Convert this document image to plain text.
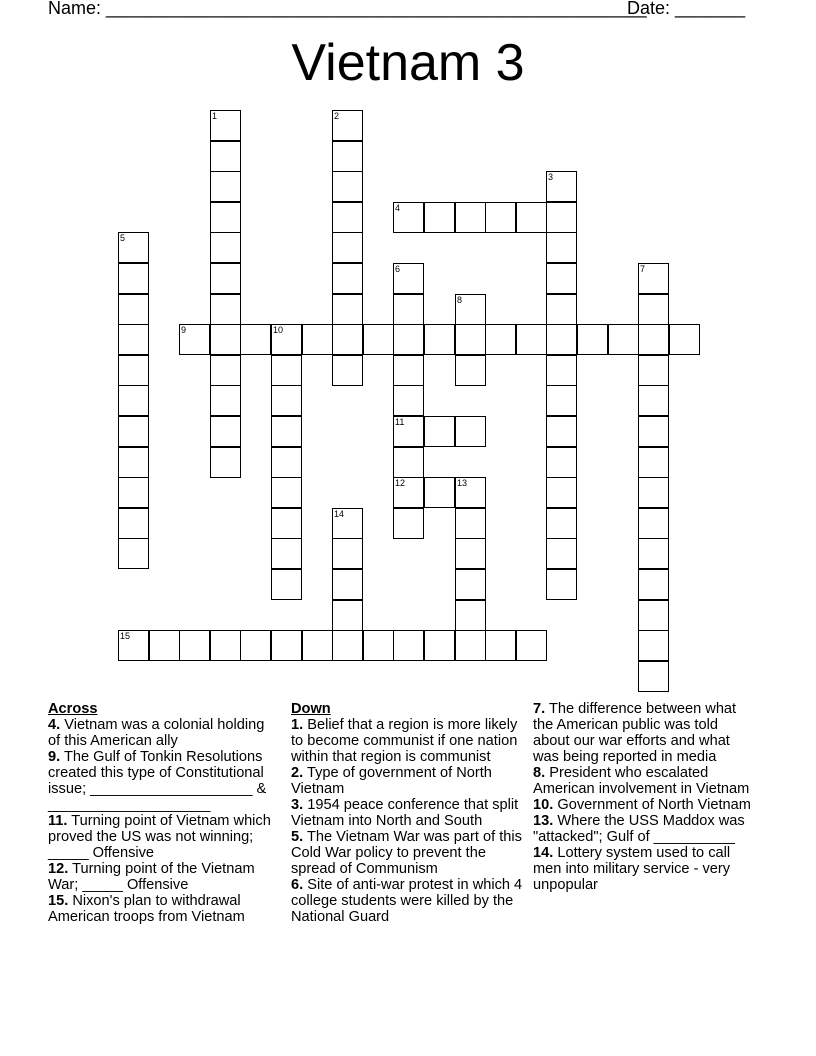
Name: ______________________________________________________
Date: _______
Vietnam 3
1	2
3
4
5
6
11
12
7
8
9	10
13
14
15
Across
4. Vietnam was a colonial holding of this American ally
9. The Gulf of Tonkin Resolutions created this type of Constitutional issue; ____________________ & ____________________
11. Turning point of Vietnam which proved the US was not winning; _____ Offensive
12. Turning point of the Vietnam War; _____ Offensive
15. Nixon's plan to withdrawal American troops from Vietnam
Down
1. Belief that a region is more likely to become communist if one nation within that region is communist
2. Type of government of North Vietnam
3. 1954 peace conference that split Vietnam into North and South
5. The Vietnam War was part of this Cold War policy to prevent the spread of Communism
6. Site of anti-war protest in which 4 college students were killed by the National Guard
7. The difference between what the American public was told about our war efforts and what was being reported in media
8. President who escalated American involvement in Vietnam
10. Government of North Vietnam
13. Where the USS Maddox was "attacked"; Gulf of __________
14. Lottery system used to call men into military service - very unpopular
